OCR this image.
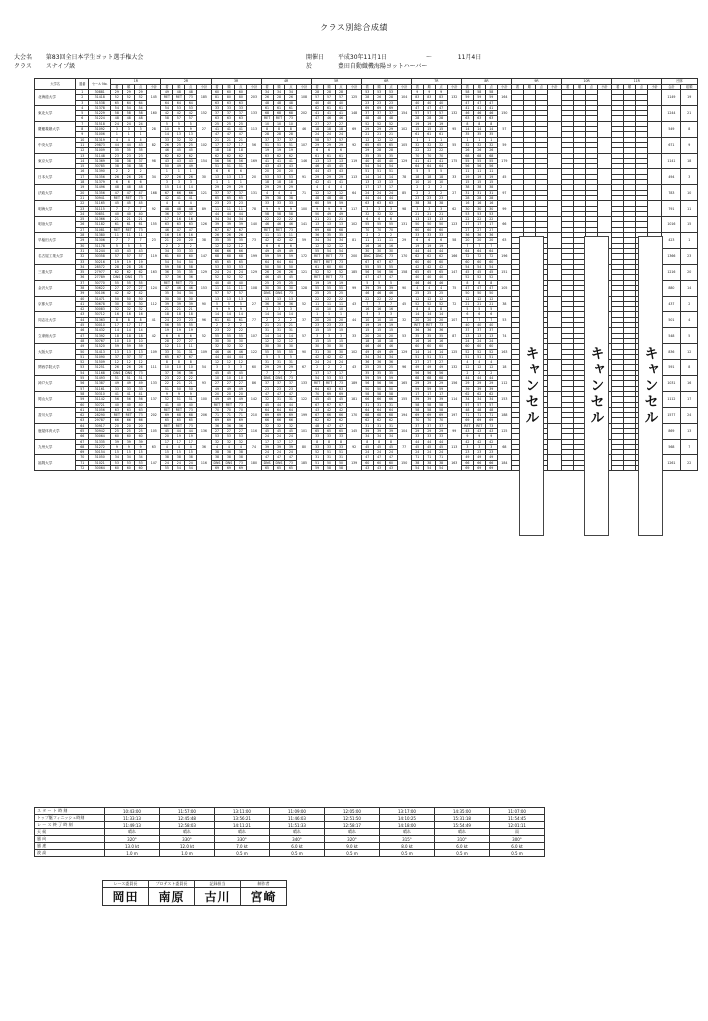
クラス別総合成績
大会名 第83回全日本学生ヨット選手権大会
クラス スナイプ級
開催日 平成30年11月1日	～	11月4日
於	豊田自動織機海陽ヨットハーバー
大学名	通番	セール No.	1R				2R				3R				4R				5R				6R				7R				8R				9R				10R				11R				団体	
			着	順	点	小計	着	順	点	小計	着	順	点	小計	着	順	点	小計	着	順	点	小計	着	順	点	小計	着	順	点	小計	着	順	点	小計	着	順	点	小計	着	順	点	小計	着	順	点	小計	合計	総順
北海道大学	1	30881	29	29	29	145	49	48	48	185	60	60	60	203	34	34	34	108	28	28	28	125	53	53	53	104	9	9	9	132	58	58	58	164													1149	19
	2	31418	52	52	52		RET	RET	73		81	80	80		26	28	26		57	57	57		28	26	28		83	83	83		59	59	59															
	3	31538	65	64	64		64	64	64		63	63	63		48	48	48		40	40	40		23	23	23		40	40	40		47	47	47															
東北大学	4	31378	54	54	54	160	54	53	53	152	33	33	33	133	61	61	61	202	62	61	61	148	69	69	69	154	47	47	47	132	41	41	41	150													1244	21
	5	31229	58	58	58		42	42	42		37	37	37		68	68	68		41	41	41		37	37	37		57	57	57		46	46	46															
	6	31224	48	48	48		58	57	57		63	63	63		RET	RET	73		47	46	46		48	48	48		28	28	28		63	63	63															
慶應義塾大学	7	31518	24	24	24	28	5	5	5	27	25	25	25	113	10	10	10	46	27	27	27	69	52	52	52	102	19	19	19	95	8	8	8	57													549	8
	8	31092	3	3	3		10	9	9		41	41	41		8	8	8		18	18	18		29	29	29		15	15	15		14	14	14															
	9	31006	1	1	1		14	13	13		47	47	47		28	28	28		24	24	24		21	21	21		61	61	61		35	35	35															
中央大学	10	31319	4	4	4	82	33	32	32	102	21	21	21	56	37	37	37	107	58	57	57	92	12	12	12	105	1	1	1	55	1	1	1	59													671	9
	11	29873	44	44	43		26	25	25		17	17	17		51	51	51		29	29	29		65	65	65		32	32	32		32	32	32															
	12	31009	35	35	35		46	45	45		18	18	18		19	19	19		6	6	6		29	28	28		22	22	22		26	26	26															
東京大学	13	31148	23	23	23	98	62	62	62	154	62	62	62	169	63	62	62	146	61	61	61	119	35	35	35	129	70	70	70	175	68	68	68	179													1141	18
	14	31369	38	38	37		43	43	43		56	56	56		41	41	41		13	13	13		40	40	40		41	41	41		55	55	55															
	15	30785	38	38	38		50	49	49		51	51	51		43	43	43		46	45	45		54	54	54		64	64	64		56	56	56															
日本大学	16	31390	2	2	2	34	1	1	1	30	6	6	6	20	20	20	20	91	44	43	43	113	51	51	51	78	5	5	5	33	11	11	11	45													494	3
	17	31356	26	26	26		27	26	26		13	13	13		53	53	53		29	29	29		14	14	14		18	18	18		19	19	19															
	18	31379	6	6	6		3	3	3		1	1	1		18	18	18		42	41	41		13	13	13		10	10	10		15	15	15															
法政大学	19	31496	48	48	48	168	15	14	14	121	29	29	29	131	29	29	29	71	4	4	4	64	17	17	17	85	2	2	2	27	38	38	38	97													783	10
	20	31356	47	47	47		67	66	66		37	37	37		4	4	4		12	12	12		24	24	24		2	2	2		31	31	31															
	21	30941	RET	RET	73		42	41	41		65	65	65		39	38	38		48	48	48		44	44	44		23	23	23		28	28	28															
明海大学	22	31165	45	45	45	92	4	4	4	89	23	23	23	78	33	33	33	100	60	59	59	117	63	63	63	98	38	38	38	62	16	16	16	99													791	11
	23	31115	7	7	7		48	48	48		11	11	11		9	9	9		9	9	9		3	3	3		3	3	3		30	30	30															
	24	30851	40	40	40		36	37	37		44	44	44		58	58	58		50	49	49		32	32	32		21	21	21		53	53	53															
明治大学	25	31366	21	21	21	155	17	16	16	126	34	34	34	140	22	22	22	141	21	21	21	102	6	6	6	131	13	13	13	123	22	22	22	66													1016	15
	26	31182	61	61	61		63	63	63		39	39	39		46	46	46		13	13	13		55	55	55		50	50	50		17	17	17															
	27	31081	RET	RET	73		46	47	47		67	67	67		RET	RET	73		69	68	68		70	70	70		60	60	60		27	27	27															
早稲田大学	28	31380	11	11	11	23	16	16	16	38	26	26	26	73	11	11	11	59	36	35	35	81	2	2	2	29	33	33	33	58	36	36	36	63													423	1
	29	31306	7	7	7		21	20	20		35	35	35		42	42	42		34	34	34		11	11	11		6	6	6		20	20	20															
	30	31178	5	5	5		2	2	2		12	12	12		6	6	6		12	12	12		16	16	16		19	19	19		7	7	7															
名古屋工業大学	31	31244	43	43	43	119	34	33	33	147	66	66	66	199	49	49	49	172	55	54	54	200	30	30	30	170	44	44	44	166	64	64	64	196													1366	23
	32	30358	57	57	57		61	60	60		68	68	68		59	59	59		RET	RET	73		DNC	DNC	73		62	62	62		72	72	72															
	33	30216	19	19	19		54	54	54		65	65	65		64	64	64		RET	RET	73		67	67	67		60	60	60		60	60	60															
三重大学	34	28572	28	28	28	163	59	58	58	129	53	53	53	129	50	50	50	121	61	60	60	185	55	55	55	158	42	42	42	147	54	54	54	151													1216	20
	35	27977	62	62	62		36	35	35		24	24	24		26	26	26		52	52	52		56	56	56		65	65	65		45	45	45															
	36	27789	DNS	DNS	73		37	36	36		52	52	52		46	45	45		RET	RET	73		47	47	47		40	40	40		52	52	52															
金沢大学	37	30770	55	55	55	124	RET	RET	73	153	40	40	40	108	25	25	25	128	19	19	19	99	5	5	5	90	46	46	46	75	8	8	8	105													880	14
	38	30622	27	27	27		47	46	46		11	11	11		30	30	30		55	55	55		39	39	39		4	4	4		47	47	47															
	39	30106	42	42	42		35	34	34		57	57	57		DNS	DNS	73		25	25	25		46	46	46		25	25	25		50	50	50															
京都大学	40	31471	50	50	50	112	30	30	30	90	13	13	13	27	13	13	13	52	22	22	22	43	22	22	22	45	12	12	12	72	12	12	12	38													437	2
	41	30678	30	30	30		39	39	39		5	5	5		36	36	36		11	11	11		7	7	7		52	52	52		21	21	21															
	42	30083	32	32	32		21	21	21		9	9	9		3	3	3		10	10	10		16	16	16		8	8	8		5	5	5															
同志社大学	43	30712	16	16	16	41	18	18	18	96	14	14	14	77	14	14	14	37	1	1	1	44	3	3	3	32	14	14	14	107	6	6	6	53													501	4
	44	31363	8	8	8		24	23	23		61	61	61		2	2	2		20	20	20		10	10	10		20	20	20		7	7	7															
	45	30010	17	17	17		56	55	55		2	2	2		21	21	21		23	23	23		19	19	19		RET	RET	73		40	40	40															
立命館大学	46	31432	14	14	14	42	19	19	19	52	23	22	22	107	31	31	31	57	15	15	15	33	15	15	15	53	36	36	36	87	37	37	37	74													548	5
	47	31392	18	18	18		6	6	6		55	55	55		14	14	14		3	3	3		20	20	20		35	35	35		13	13	13															
	48	30767	10	10	10		28	27	27		30	30	30		12	12	12		15	15	15		18	18	18		16	16	16		24	24	24															
大阪大学	49	31520	59	59	59	109	12	11	11	109	32	32	32	122	30	30	30	90	30	30	30	102	46	46	46	129	60	60	60	125	60	60	60	163													836	12
	50	31413	13	13	13		33	31	31		46	46	46		55	55	55		31	30	30		49	49	49		14	14	14		52	52	52															
	51	31090	37	37	37		65	67	67		44	44	44		5	5	5		42	42	42		34	34	34		51	51	51		51	51	51															
関西学院大学	52	31509	12	12	12	111	8	8	8	54	12	12	12	60	31	31	31	67	24	24	24	43	36	36	36	96	27	27	27	132	4	4	4	18													591	8
	53	31251	26	26	26		10	10	10		3	3	3		29	29	29		2	2	2		25	25	25		49	49	49		12	12	12															
	54	31168	DNS	DNS	73		37	36	36		45	45	45		7	7	7		17	17	17		35	35	35		56	56	56		2	2	2															
神戸大学	55	31493	51	51	51	133	23	22	22	93	10	10	10	86	DNS	DNS	73	133	54	53	53	189	59	59	59	165	68	68	68	156	44	44	44	112													1031	16
	56	31387	49	49	49		22	21	21		27	27	27		37	37	37		RET	RET	73		56	56	56		29	29	29		29	29	29															
	57	31161	33	33	33		51	50	50		49	49	49		23	23	23		64	63	63		50	50	50		59	59	59		39	39	39															
岡山大学	58	30310	41	41	41	137	9	9	9	100	20	20	20	142	47	47	47	122	70	69	69	181	58	58	58	155	17	17	17	114	62	62	62	153													1112	17
	59	31142	56	56	56		52	51	51		49	49	49		32	31	31		45	45	45		66	66	66		39	39	39		34	34	34															
	60	30721	40	40	40		41	40	40		RET	RET	73		45	44	44		67	67	67		31	31	31		58	58	58		57	57	57															
香川大学	61	31056	63	63	63	202	RET	RET	73	206	70	70	70	210	64	64	64	199	43	42	42	170	64	64	64	194	58	58	58	197	48	48	48	188													1577	24
	62	28290	RET	RET	73		69	68	68		71	71	71		69	69	69		67	66	66		68	68	68		69	69	69		71	71	71															
	63	29787	66	66	66		65	65	65		69	69	69		66	66	66		62	62	62		62	62	62		70	70	70		69	69	69															
鹿屋体育大学	64	30917	20	20	20	105	RET	RET	73	136	36	36	36	116	32	32	32	101	48	47	47	145	31	31	31	104	37	37	37	99	RET	RET	73	125													869	13
	65	30942	25	25	25		45	44	44		27	27	27		45	45	45		65	65	65		39	39	39		29	29	29		43	43	43															
	66	30064	60	60	60		20	19	19		53	53	53		24	24	24		33	33	33		34	34	34		33	33	33		9	9	9															
九州大学	67	31335	39	39	39	63	17	17	17	36	32	32	32	74	17	17	17	80	8	8	8	92	8	8	8	77	44	44	44	113	42	42	42	68													568	7
	68	31272	9	9	9		4	4	4		4	4	4		39	39	39		33	33	33		45	45	45		45	45	45		3	3	3															
	69	30154	15	15	15		15	15	15		38	38	38		24	24	24		52	51	51		24	24	24		24	24	24		23	23	23															
福岡大学	70	31050	34	34	34	147	38	38	38	116	38	38	38	180	47	47	47	185	31	31	31	139	47	47	47	150	71	71	71	163	49	49	49	184													1261	22
	71	31021	53	53	53		24	24	24		DNS	DNS	73		DNS	DNS	73		51	50	50		60	60	60		38	38	38		66	66	66															
	72	30064	60	60	60		55	54	54		69	69	69		65	65	65		59	58	58		43	43	43		54	54	54		69	69	69															
キャンセル	キャンセル	キャンセル
ス タ ー ト 時 刻	10:43:00	11:57:00	13:11:00	11:09:00	12:05:00	13:17:00	14:35:00	11:07:00
トップ艇フィニッシュ時刻	11:33:13	12:45:48	13:56:21	11:46:03	12:51:50	14:10:25	15:31:18	11:54:45
レ ー ス 終 了 時 刻	11:49:13	12:58:03	14:11:21	11:51:33	12:58:17	14:18:00	15:54:49	12:01:11
天 候	晴れ	晴れ	晴れ	晴れ	晴れ	晴れ	晴れ	雨
風 向	320°	330°	330°	340°	320°	315°	310°	300°
風 速	13.0 kt	12.0 kt	7.0 kt	6.0 kt	9.0 kt	8.0 kt	6.0 kt	6.0 kt
波 高	1.0 m	1.0 m	0.5 m	0.5 m	0.5 m	0.5 m	0.5 m	0.5 m
レース委員長	プロテスト委員長	記録担当	制作者
岡田	南原	古川	宮崎
